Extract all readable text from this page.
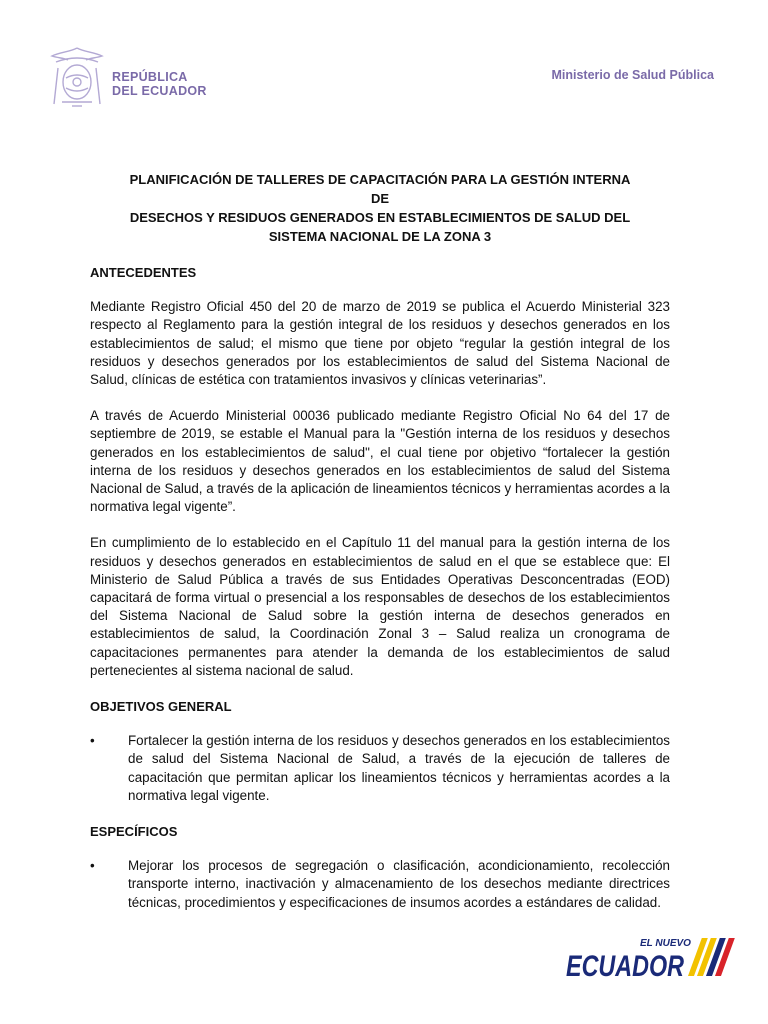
REPÚBLICA
DEL ECUADOR
Ministerio de Salud Pública
PLANIFICACIÓN DE TALLERES DE CAPACITACIÓN PARA LA GESTIÓN INTERNA DE
DESECHOS Y RESIDUOS GENERADOS EN ESTABLECIMIENTOS DE SALUD DEL
SISTEMA NACIONAL DE LA ZONA 3
ANTECEDENTES

Mediante Registro Oficial 450 del 20 de marzo de 2019 se publica el Acuerdo Ministerial 323 respecto al Reglamento para la gestión integral de los residuos y desechos generados en los establecimientos de salud; el mismo que tiene por objeto “regular la gestión integral de los residuos y desechos generados por los establecimientos de salud del Sistema Nacional de Salud, clínicas de estética con tratamientos invasivos y clínicas veterinarias”.

A través de Acuerdo Ministerial 00036 publicado mediante Registro Oficial No 64 del 17 de septiembre de 2019, se estable el Manual para la "Gestión interna de los residuos y desechos generados en los establecimientos de salud", el cual tiene por objetivo “fortalecer la gestión interna de los residuos y desechos generados en los establecimientos de salud del Sistema Nacional de Salud, a través de la aplicación de lineamientos técnicos y herramientas acordes a la normativa legal vigente”.

En cumplimiento de lo establecido en el Capítulo 11 del manual para la gestión interna de los residuos y desechos generados en establecimientos de salud en el que se establece que: El Ministerio de Salud Pública a través de sus Entidades Operativas Desconcentradas (EOD) capacitará de forma virtual o presencial a los responsables de desechos de los establecimientos del Sistema Nacional de Salud sobre la gestión interna de desechos generados en establecimientos de salud, la Coordinación Zonal 3 – Salud realiza un cronograma de capacitaciones permanentes para atender la demanda de los establecimientos de salud pertenecientes al sistema nacional de salud.

OBJETIVOS GENERAL
• Fortalecer la gestión interna de los residuos y desechos generados en los establecimientos de salud del Sistema Nacional de Salud, a través de la ejecución de talleres de capacitación que permitan aplicar los lineamientos técnicos y herramientas acordes a la normativa legal vigente.
ESPECÍFICOS
• Mejorar los procesos de segregación o clasificación, acondicionamiento, recolección transporte interno, inactivación y almacenamiento de los desechos mediante directrices técnicas, procedimientos y especificaciones de insumos acordes a estándares de calidad.
EL NUEVO
ECUADOR
